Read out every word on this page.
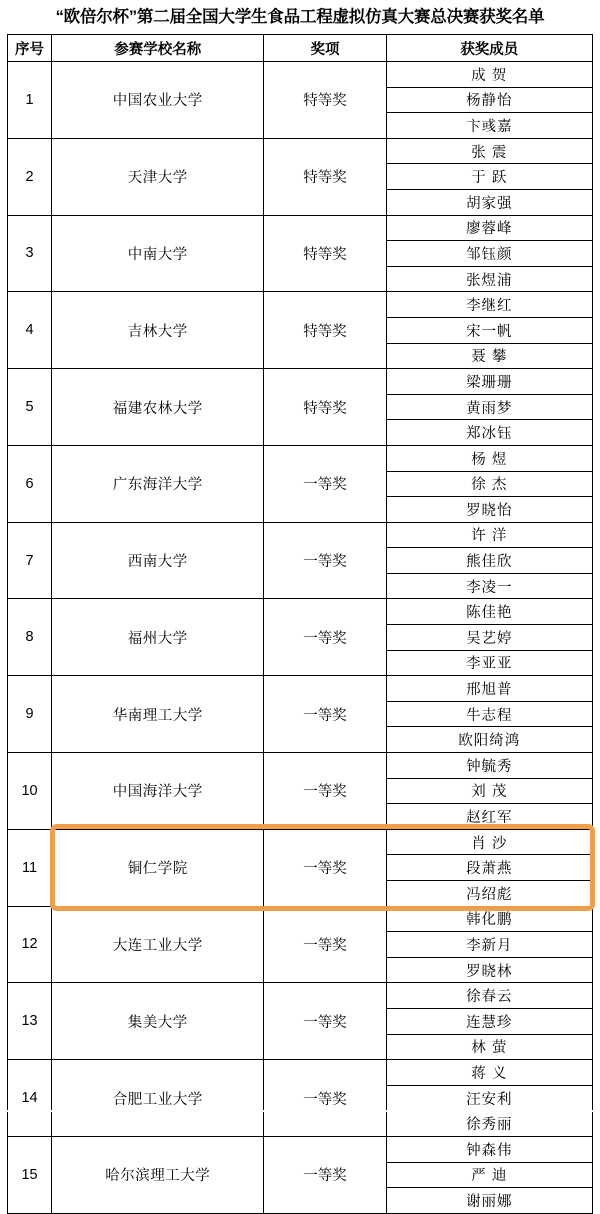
“欧倍尔杯”第二届全国大学生食品工程虚拟仿真大赛总决赛获奖名单
序号	参赛学校名称	奖项	获奖成员
1	中国农业大学	特等奖	成 贺
			杨静怡
			卞彧嘉
2	天津大学	特等奖	张 震
			于 跃
			胡家强
3	中南大学	特等奖	廖蓉峰
			邹钰颜
			张煜浦
4	吉林大学	特等奖	李继红
			宋一帆
			聂 攀
5	福建农林大学	特等奖	梁珊珊
			黄雨梦
			郑冰钰
6	广东海洋大学	一等奖	杨 煜
			徐 杰
			罗晓怡
7	西南大学	一等奖	许 洋
			熊佳欣
			李凌一
8	福州大学	一等奖	陈佳艳
			吴艺婷
			李亚亚
9	华南理工大学	一等奖	邢旭普
			牛志程
			欧阳绮鸿
10	中国海洋大学	一等奖	钟毓秀
			刘 茂
			赵红军
11	铜仁学院	一等奖	肖 沙
			段萧燕
			冯绍彪
12	大连工业大学	一等奖	韩化鹏
			李新月
			罗晓林
13	集美大学	一等奖	徐春云
			连慧珍
			林 萤
14	合肥工业大学	一等奖	蒋 义
			汪安利
			徐秀丽
15	哈尔滨理工大学	一等奖	钟森伟
			严 迪
			谢丽娜
